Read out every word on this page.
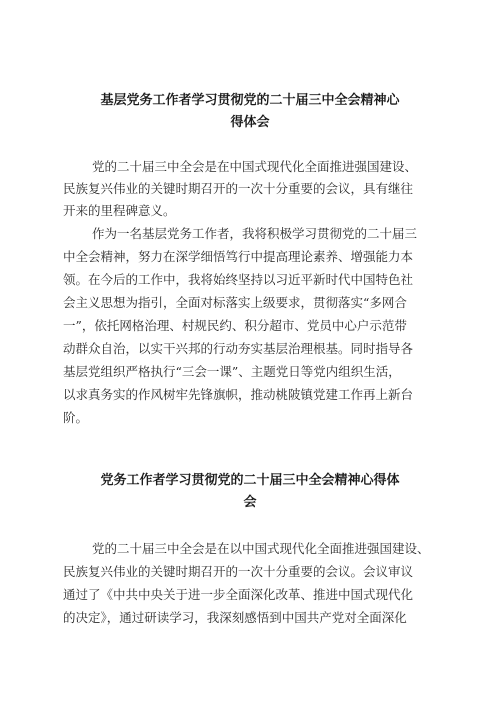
基层党务工作者学习贯彻党的二十届三中全会精神心
得体会
党的二十届三中全会是在中国式现代化全面推进强国建设、
民族复兴伟业的关键时期召开的一次十分重要的会议，具有继往
开来的里程碑意义。
作为一名基层党务工作者，我将积极学习贯彻党的二十届三
中全会精神，努力在深学细悟笃行中提高理论素养、增强能力本
领。在今后的工作中，我将始终坚持以习近平新时代中国特色社
会主义思想为指引，全面对标落实上级要求，贯彻落实“多网合
一”，依托网格治理、村规民约、积分超市、党员中心户示范带
动群众自治，以实干兴邦的行动夯实基层治理根基。同时指导各
基层党组织严格执行“三会一课”、主题党日等党内组织生活，
以求真务实的作风树牢先锋旗帜，推动桃陂镇党建工作再上新台
阶。
党务工作者学习贯彻党的二十届三中全会精神心得体
会
党的二十届三中全会是在以中国式现代化全面推进强国建设、
民族复兴伟业的关键时期召开的一次十分重要的会议。会议审议
通过了《中共中央关于进一步全面深化改革、推进中国式现代化
的决定》，通过研读学习，我深刻感悟到中国共产党对全面深化
